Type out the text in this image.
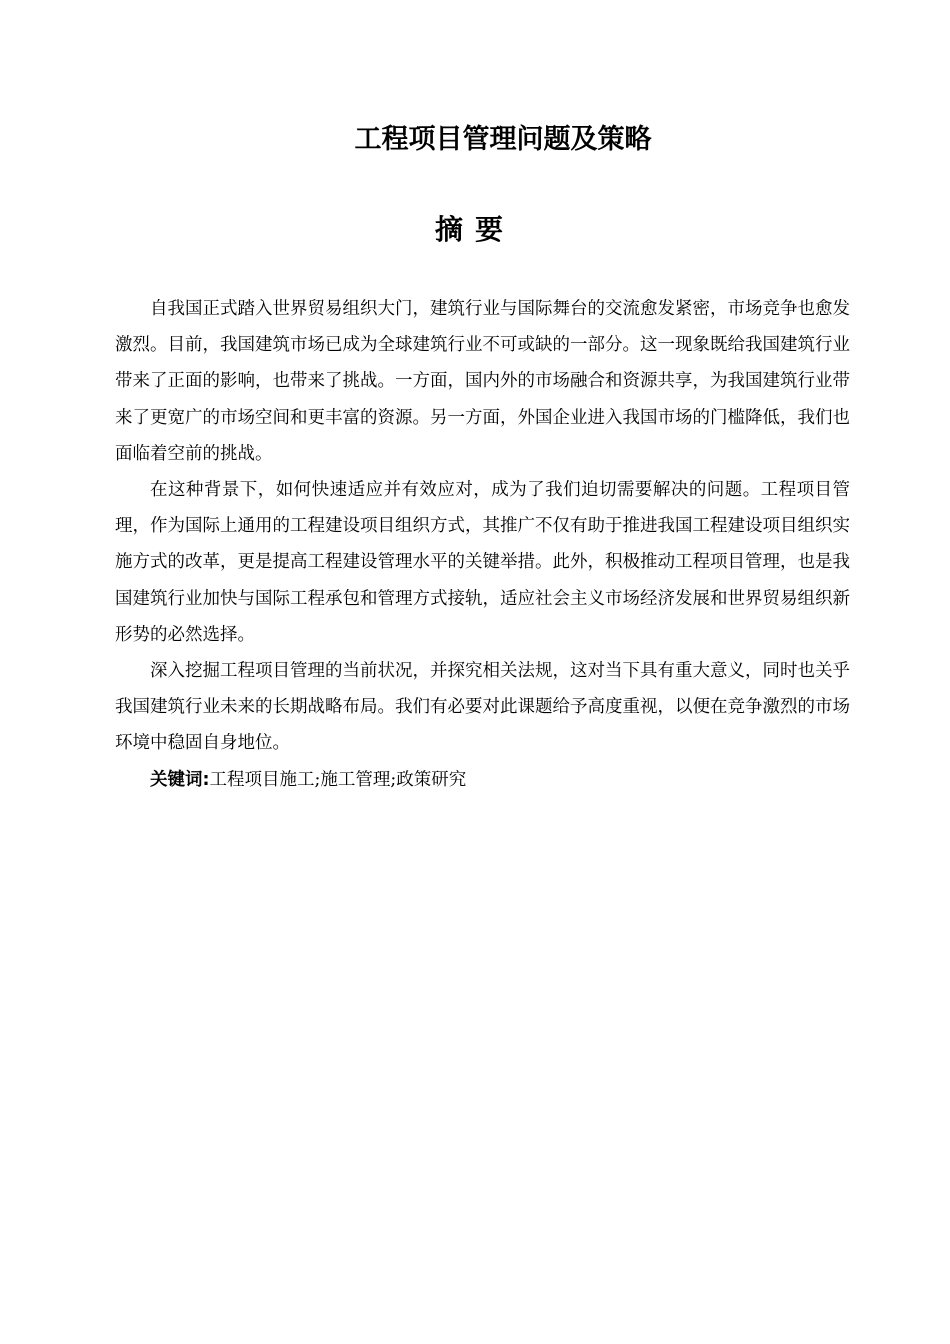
工程项目管理问题及策略
摘要

自我国正式踏入世界贸易组织大门，建筑行业与国际舞台的交流愈发紧密，市场竞争也愈发激烈。目前，我国建筑市场已成为全球建筑行业不可或缺的一部分。这一现象既给我国建筑行业带来了正面的影响，也带来了挑战。一方面，国内外的市场融合和资源共享，为我国建筑行业带来了更宽广的市场空间和更丰富的资源。另一方面，外国企业进入我国市场的门槛降低，我们也面临着空前的挑战。

在这种背景下，如何快速适应并有效应对，成为了我们迫切需要解决的问题。工程项目管理，作为国际上通用的工程建设项目组织方式，其推广不仅有助于推进我国工程建设项目组织实施方式的改革，更是提高工程建设管理水平的关键举措。此外，积极推动工程项目管理，也是我国建筑行业加快与国际工程承包和管理方式接轨，适应社会主义市场经济发展和世界贸易组织新形势的必然选择。

深入挖掘工程项目管理的当前状况，并探究相关法规，这对当下具有重大意义，同时也关乎我国建筑行业未来的长期战略布局。我们有必要对此课题给予高度重视，以便在竞争激烈的市场环境中稳固自身地位。

关键词:工程项目施工;施工管理;政策研究
